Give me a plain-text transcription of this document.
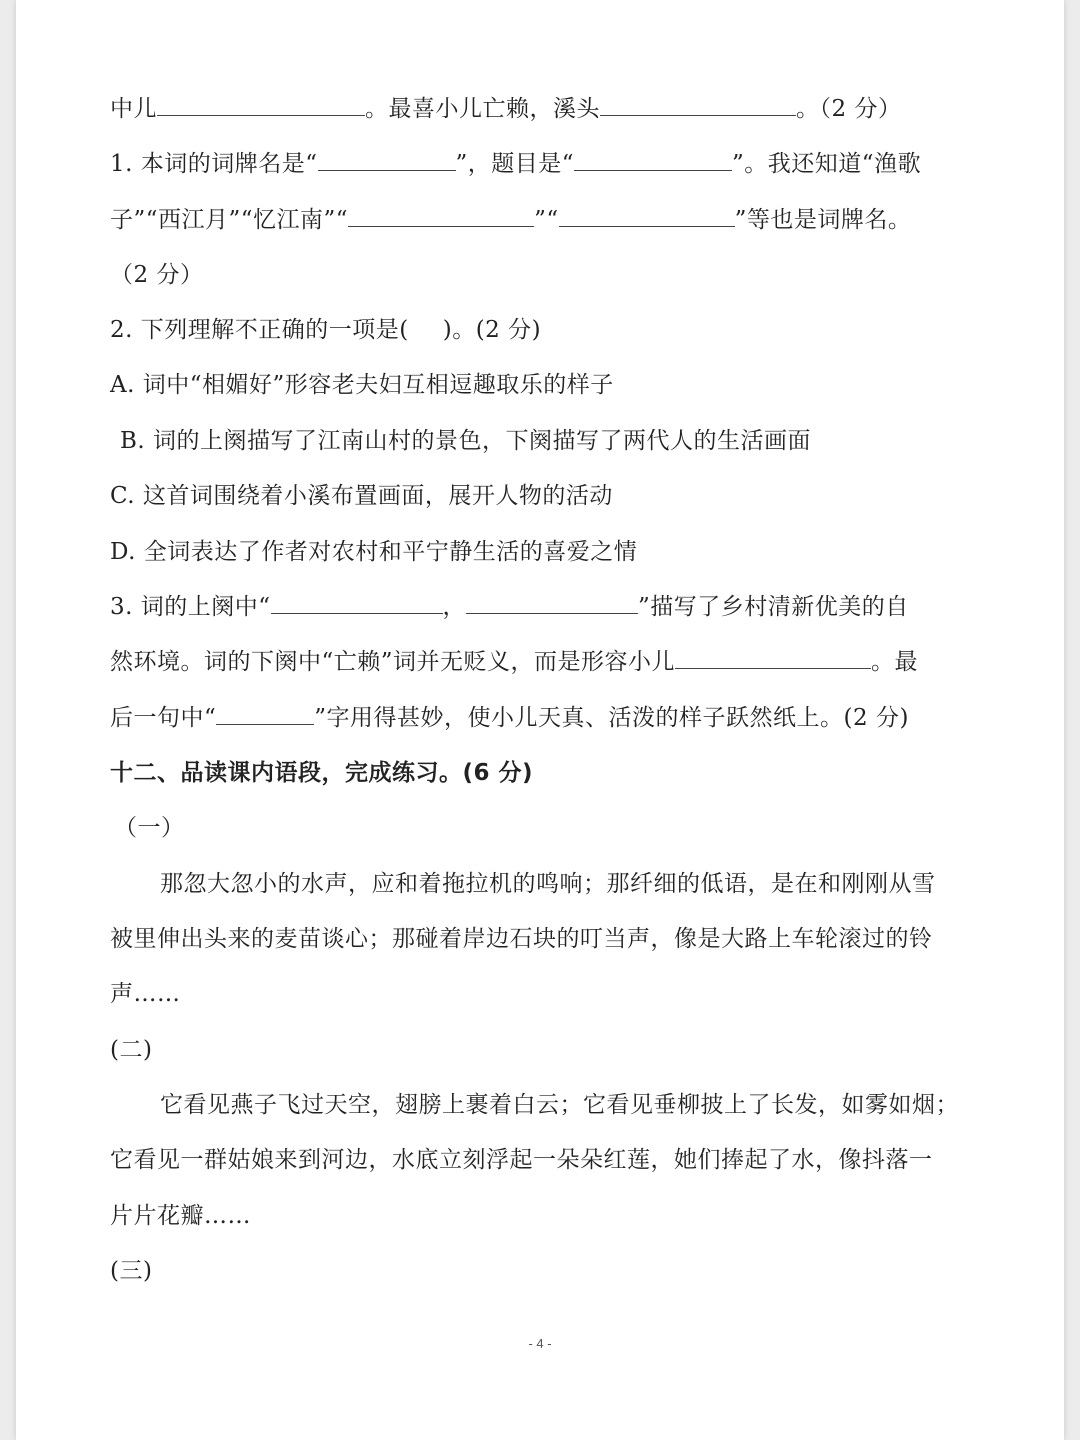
中儿	。最喜小儿亡赖，溪头	。（2 分）
1. 本词的词牌名是“	”，题目是“	”。我还知道“渔歌
子”“西江月”“忆江南”“	”“	”等也是词牌名。
（2 分）
2. 下列理解不正确的一项是( )。(2 分)
A. 词中“相媚好”形容老夫妇互相逗趣取乐的样子
B. 词的上阕描写了江南山村的景色，下阕描写了两代人的生活画面
C. 这首词围绕着小溪布置画面，展开人物的活动
D. 全词表达了作者对农村和平宁静生活的喜爱之情
3. 词的上阕中“	，	”描写了乡村清新优美的自
然环境。词的下阕中“亡赖”词并无贬义，而是形容小儿	。最
后一句中“	”字用得甚妙，使小儿天真、活泼的样子跃然纸上。(2 分)
十二、品读课内语段，完成练习。(6 分)
（一）
那忽大忽小的水声，应和着拖拉机的鸣响；那纤细的低语，是在和刚刚从雪
被里伸出头来的麦苗谈心；那碰着岸边石块的叮当声，像是大路上车轮滚过的铃
声……
(二)
它看见燕子飞过天空，翅膀上裹着白云；它看见垂柳披上了长发，如雾如烟；
它看见一群姑娘来到河边，水底立刻浮起一朵朵红莲，她们捧起了水，像抖落一
片片花瓣……
(三)
- 4 -
